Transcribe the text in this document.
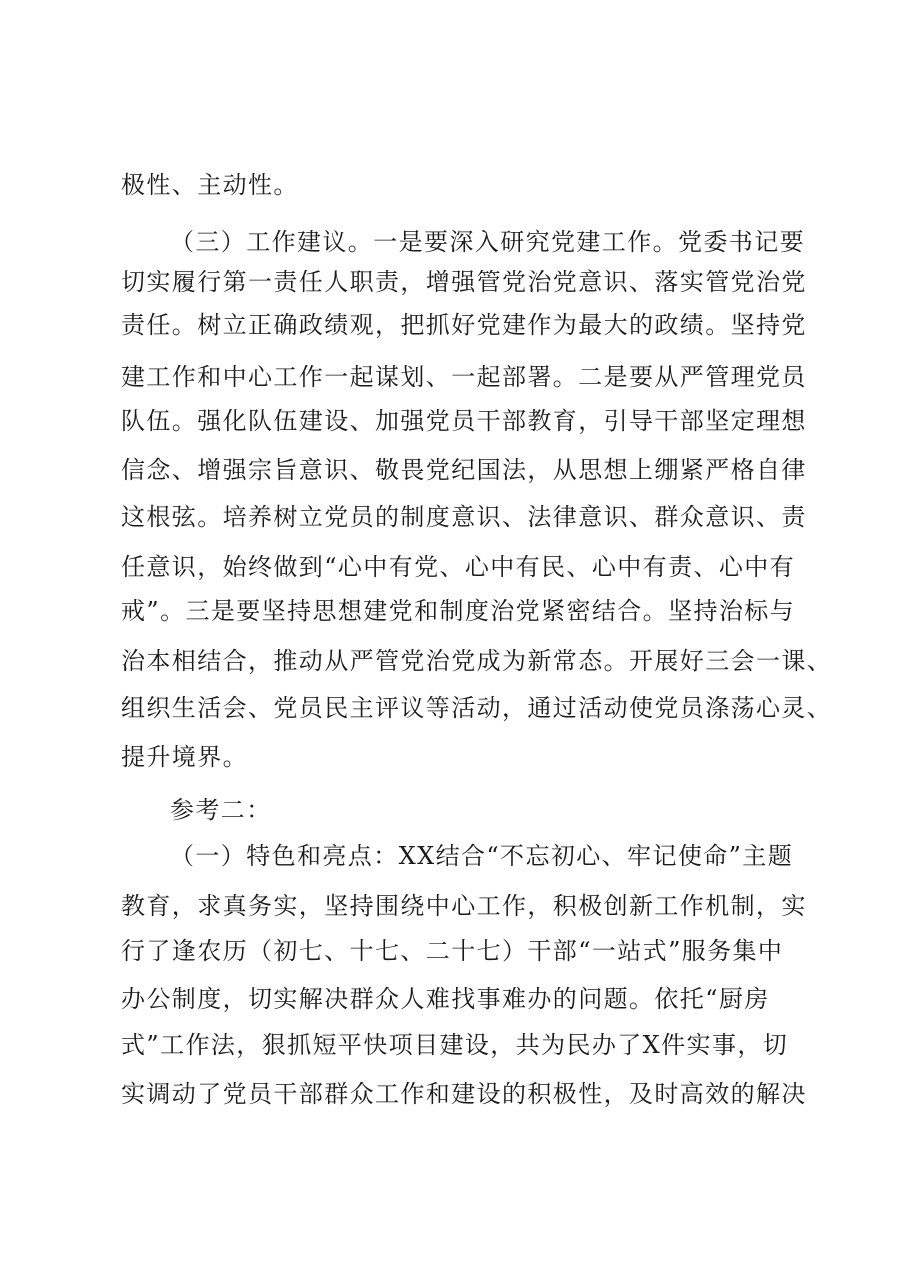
极性、主动性。

（三）工作建议。一是要深入研究党建工作。党委书记要

切实履行第一责任人职责，增强管党治党意识、落实管党治党

责任。树立正确政绩观，把抓好党建作为最大的政绩。坚持党

建工作和中心工作一起谋划、一起部署。二是要从严管理党员

队伍。强化队伍建设、加强党员干部教育，引导干部坚定理想

信念、增强宗旨意识、敬畏党纪国法，从思想上绷紧严格自律

这根弦。培养树立党员的制度意识、法律意识、群众意识、责

任意识，始终做到“心中有党、心中有民、心中有责、心中有

戒”。三是要坚持思想建党和制度治党紧密结合。坚持治标与

治本相结合，推动从严管党治党成为新常态。开展好三会一课、

组织生活会、党员民主评议等活动，通过活动使党员涤荡心灵、

提升境界。

参考二：

（一）特色和亮点：XX结合“不忘初心、牢记使命”主题

教育，求真务实，坚持围绕中心工作，积极创新工作机制，实

行了逢农历（初七、十七、二十七）干部“一站式”服务集中

办公制度，切实解决群众人难找事难办的问题。依托“厨房

式”工作法，狠抓短平快项目建设，共为民办了X件实事，切

实调动了党员干部群众工作和建设的积极性，及时高效的解决
